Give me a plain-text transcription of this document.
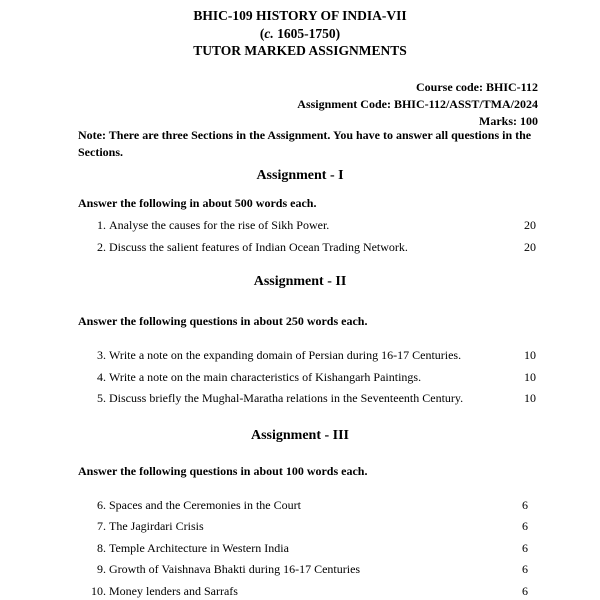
BHIC-109 HISTORY OF INDIA-VII
(c. 1605-1750)
TUTOR MARKED ASSIGNMENTS
Course code: BHIC-112
Assignment Code: BHIC-112/ASST/TMA/2024
Marks: 100
Note: There are three Sections in the Assignment. You have to answer all questions in the Sections.
Assignment - I
Answer the following in about 500 words each.
1. Analyse the causes for the rise of Sikh Power.	20
2. Discuss the salient features of Indian Ocean Trading Network.	20
Assignment - II
Answer the following questions in about 250 words each.
3. Write a note on the expanding domain of Persian during 16-17 Centuries.	10
4. Write a note on the main characteristics of Kishangarh Paintings.	10
5. Discuss briefly the Mughal-Maratha relations in the Seventeenth Century.	10
Assignment - III
Answer the following questions in about 100 words each.
6. Spaces and the Ceremonies in the Court	6
7. The Jagirdari Crisis	6
8. Temple Architecture in Western India	6
9. Growth of Vaishnava Bhakti during 16-17 Centuries	6
10. Money lenders and Sarrafs	6
